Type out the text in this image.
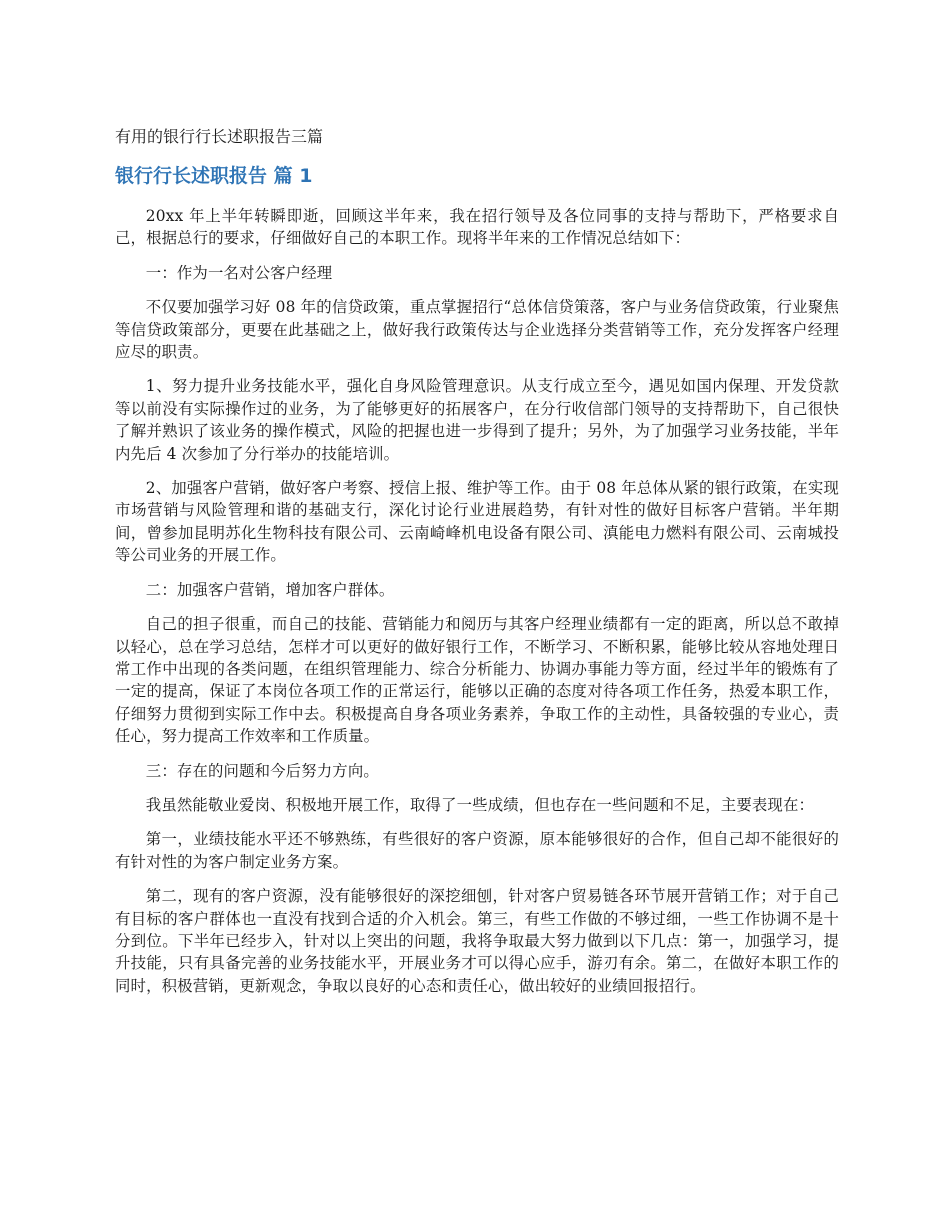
有用的银行行长述职报告三篇
银行行长述职报告 篇 1

20xx 年上半年转瞬即逝，回顾这半年来，我在招行领导及各位同事的支持与帮助下，严格要求自己，根据总行的要求，仔细做好自己的本职工作。现将半年来的工作情况总结如下：

一：作为一名对公客户经理

不仅要加强学习好 08 年的信贷政策，重点掌握招行“总体信贷策落，客户与业务信贷政策，行业聚焦等信贷政策部分，更要在此基础之上，做好我行政策传达与企业选择分类营销等工作，充分发挥客户经理应尽的职责。

1、努力提升业务技能水平，强化自身风险管理意识。从支行成立至今，遇见如国内保理、开发贷款等以前没有实际操作过的业务，为了能够更好的拓展客户，在分行收信部门领导的支持帮助下，自己很快了解并熟识了该业务的操作模式，风险的把握也进一步得到了提升；另外，为了加强学习业务技能，半年内先后 4 次参加了分行举办的技能培训。

2、加强客户营销，做好客户考察、授信上报、维护等工作。由于 08 年总体从紧的银行政策，在实现市场营销与风险管理和谐的基础支行，深化讨论行业进展趋势，有针对性的做好目标客户营销。半年期间，曾参加昆明苏化生物科技有限公司、云南崎峰机电设备有限公司、滇能电力燃料有限公司、云南城投等公司业务的开展工作。

二：加强客户营销，增加客户群体。

自己的担子很重，而自己的技能、营销能力和阅历与其客户经理业绩都有一定的距离，所以总不敢掉以轻心，总在学习总结，怎样才可以更好的做好银行工作，不断学习、不断积累，能够比较从容地处理日常工作中出现的各类问题，在组织管理能力、综合分析能力、协调办事能力等方面，经过半年的锻炼有了一定的提高，保证了本岗位各项工作的正常运行，能够以正确的态度对待各项工作任务，热爱本职工作，仔细努力贯彻到实际工作中去。积极提高自身各项业务素养，争取工作的主动性，具备较强的专业心，责任心，努力提高工作效率和工作质量。

三：存在的问题和今后努力方向。

我虽然能敬业爱岗、积极地开展工作，取得了一些成绩，但也存在一些问题和不足，主要表现在：

第一，业绩技能水平还不够熟练，有些很好的客户资源，原本能够很好的合作，但自己却不能很好的有针对性的为客户制定业务方案。

第二，现有的客户资源，没有能够很好的深挖细刨，针对客户贸易链各环节展开营销工作；对于自己有目标的客户群体也一直没有找到合适的介入机会。第三，有些工作做的不够过细，一些工作协调不是十分到位。下半年已经步入，针对以上突出的问题，我将争取最大努力做到以下几点：第一，加强学习，提升技能，只有具备完善的业务技能水平，开展业务才可以得心应手，游刃有余。第二，在做好本职工作的同时，积极营销，更新观念，争取以良好的心态和责任心，做出较好的业绩回报招行。
